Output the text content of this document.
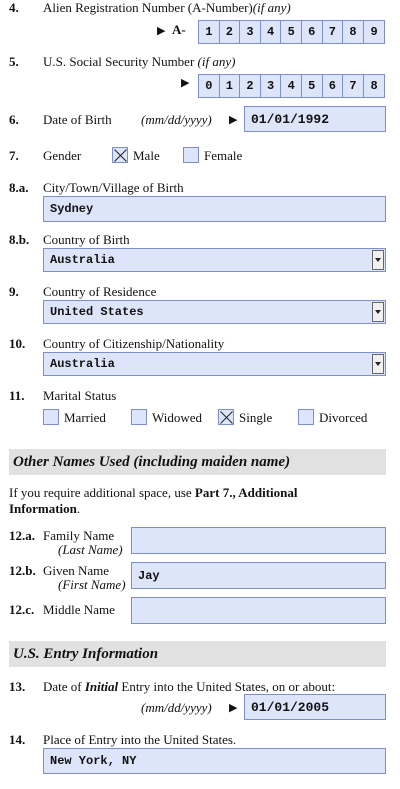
4. Alien Registration Number (A-Number)(if any)
▶ A-	1	2	3	4	5	6	7	8	9
5. U.S. Social Security Number (if any)
▶	0	1	2	3	4	5	6	7	8
6. Date of Birth (mm/dd/yyyy) ▶	01/01/1992
7. Gender	Male	Female
8.a. City/Town/Village of Birth
Sydney
8.b. Country of Birth
Australia
9. Country of Residence
United States
10. Country of Citizenship/Nationality
Australia
11. Marital Status
Married	Widowed	Single	Divorced
Other Names Used (including maiden name)
If you require additional space, use Part 7., Additional
Information.
12.a. Family Name
(Last Name)
12.b. Given Name
(First Name)
Jay
12.c. Middle Name
U.S. Entry Information
13. Date of Initial Entry into the United States, on or about:
(mm/dd/yyyy) ▶	01/01/2005
14. Place of Entry into the United States.
New York, NY
